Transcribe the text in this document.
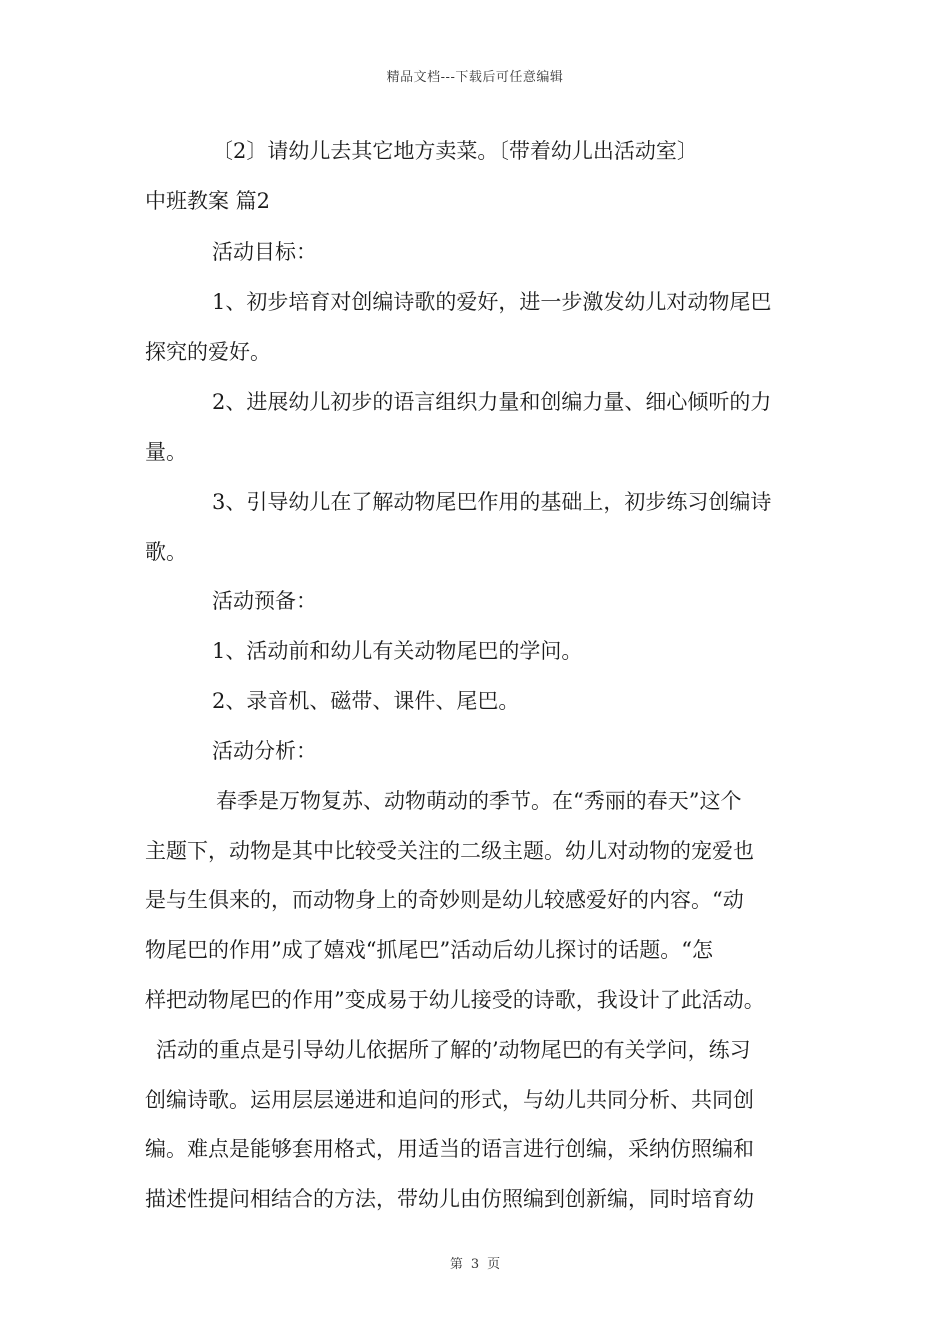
精品文档---下载后可任意编辑
〔2〕请幼儿去其它地方卖菜。〔带着幼儿出活动室〕
中班教案 篇2
活动目标：
1、初步培育对创编诗歌的爱好，进一步激发幼儿对动物尾巴
探究的爱好。
2、进展幼儿初步的语言组织力量和创编力量、细心倾听的力
量。
3、引导幼儿在了解动物尾巴作用的基础上，初步练习创编诗
歌。
活动预备：
1、活动前和幼儿有关动物尾巴的学问。
2、录音机、磁带、课件、尾巴。
活动分析：
春季是万物复苏、动物萌动的季节。在“秀丽的春天”这个
主题下，动物是其中比较受关注的二级主题。幼儿对动物的宠爱也
是与生俱来的，而动物身上的奇妙则是幼儿较感爱好的内容。“动
物尾巴的作用”成了嬉戏“抓尾巴”活动后幼儿探讨的话题。“怎
样把动物尾巴的作用”变成易于幼儿接受的诗歌，我设计了此活动。
活动的重点是引导幼儿依据所了解的’动物尾巴的有关学问，练习
创编诗歌。运用层层递进和追问的形式，与幼儿共同分析、共同创
编。难点是能够套用格式，用适当的语言进行创编，采纳仿照编和
描述性提问相结合的方法，带幼儿由仿照编到创新编，同时培育幼
第 3 页
